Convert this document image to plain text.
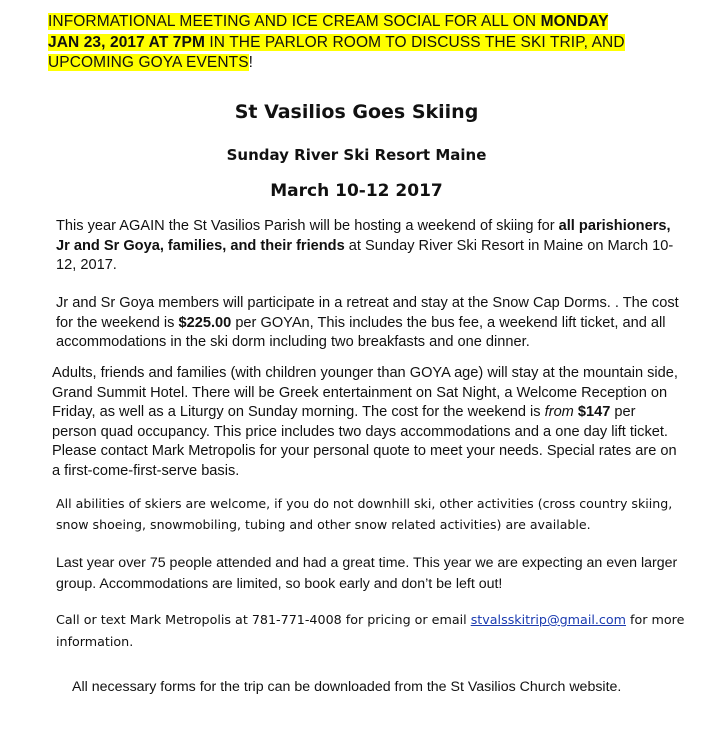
INFORMATIONAL MEETING AND ICE CREAM SOCIAL FOR ALL ON MONDAY JAN 23, 2017 AT 7PM IN THE PARLOR ROOM TO DISCUSS THE SKI TRIP, AND UPCOMING GOYA EVENTS!
St Vasilios Goes Skiing
Sunday River Ski Resort Maine
March 10-12 2017
This year AGAIN the St Vasilios Parish will be hosting a weekend of skiing for all parishioners, Jr and Sr Goya, families, and their friends at Sunday River Ski Resort in Maine on March 10-12, 2017.
Jr and Sr Goya members will participate in a retreat and stay at the Snow Cap Dorms. . The cost for the weekend is $225.00 per GOYAn, This includes the bus fee, a weekend lift ticket, and all accommodations in the ski dorm including two breakfasts and one dinner.
Adults, friends and families (with children younger than GOYA age) will stay at the mountain side, Grand Summit Hotel. There will be Greek entertainment on Sat Night, a Welcome Reception on Friday, as well as a Liturgy on Sunday morning. The cost for the weekend is from $147 per person quad occupancy. This price includes two days accommodations and a one day lift ticket. Please contact Mark Metropolis for your personal quote to meet your needs. Special rates are on a first-come-first-serve basis.
All abilities of skiers are welcome, if you do not downhill ski, other activities (cross country skiing, snow shoeing, snowmobiling, tubing and other snow related activities) are available.
Last year over 75 people attended and had a great time. This year we are expecting an even larger group. Accommodations are limited, so book early and don’t be left out!
Call or text Mark Metropolis at 781-771-4008 for pricing or email stvalsskitrip@gmail.com for more information.
All necessary forms for the trip can be downloaded from the St Vasilios Church website.
